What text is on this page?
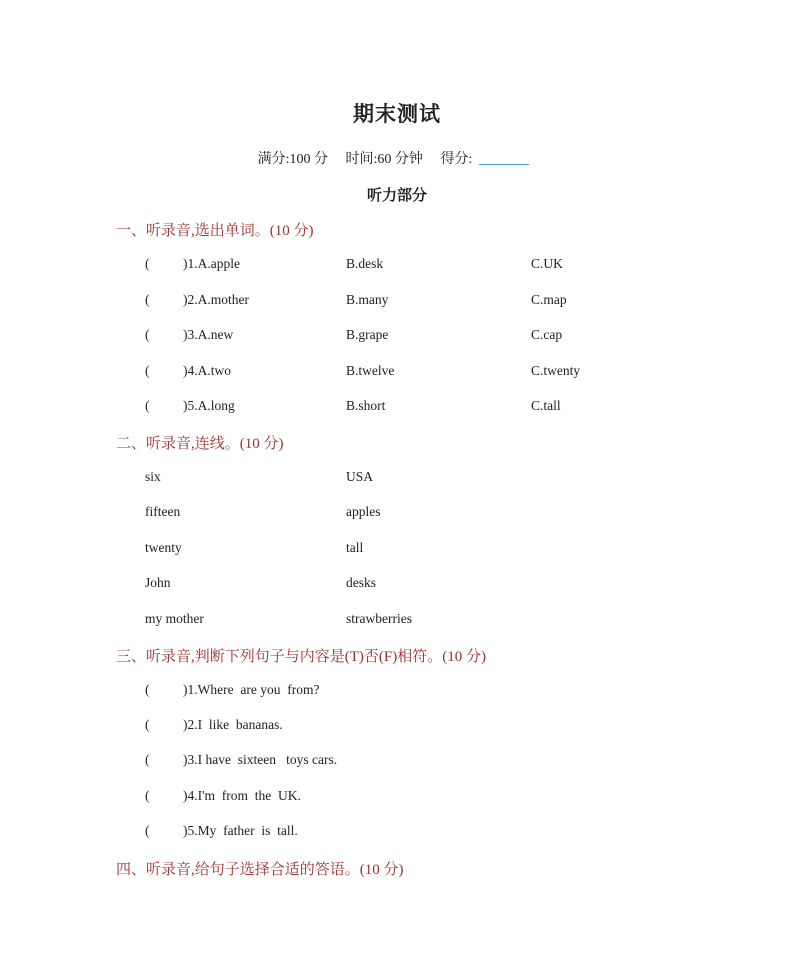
期末测试
满分:100 分 时间:60 分钟 得分:
听力部分
一、听录音,选出单词。(10 分)
( )1.A.apple	B.desk	C.UK
( )2.A.mother	B.many	C.map
( )3.A.new	B.grape	C.cap
( )4.A.two	B.twelve	C.twenty
( )5.A.long	B.short	C.tall
二、听录音,连线。(10 分)
six	USA
fifteen	apples
twenty	tall
John	desks
my mother	strawberries
三、听录音,判断下列句子与内容是(T)否(F)相符。(10 分)
( )1.Where  are you  from?
( )2.I  like  bananas.
( )3.I have  sixteen   toys cars.
( )4.I'm  from  the  UK.
( )5.My  father  is  tall.
四、听录音,给句子选择合适的答语。(10 分)
